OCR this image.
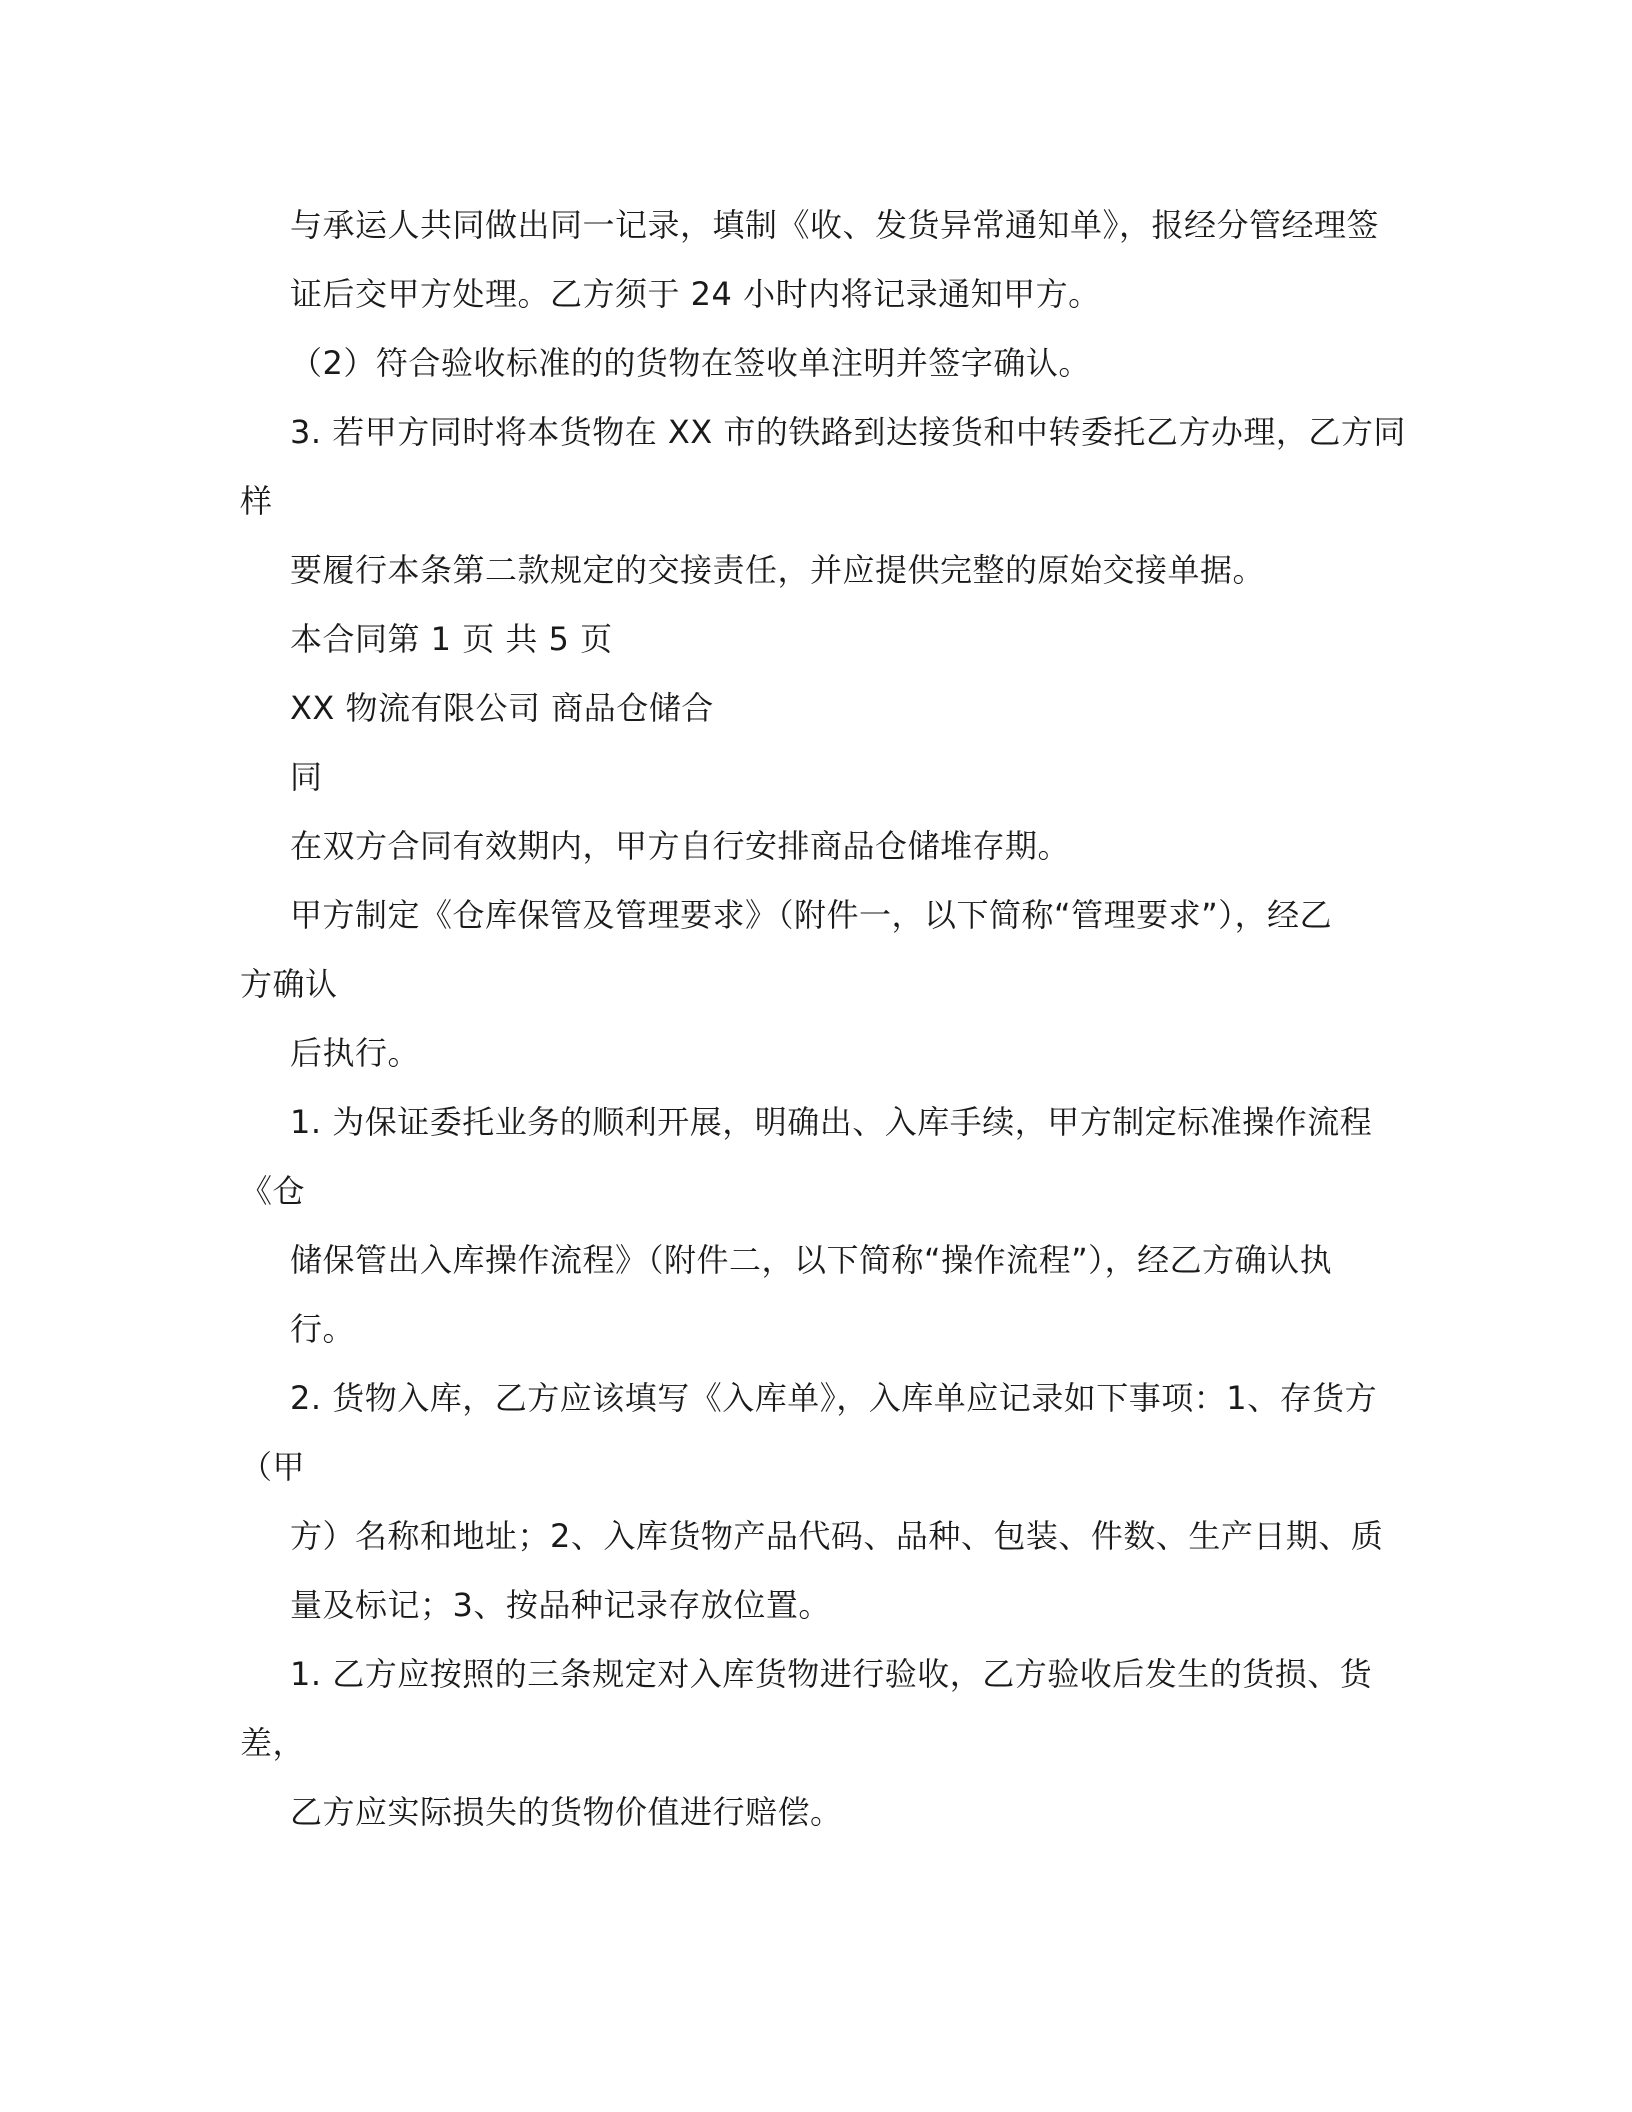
与承运人共同做出同一记录，填制《收、发货异常通知单》，报经分管经理签
证后交甲方处理。乙方须于 24 小时内将记录通知甲方。
（2）符合验收标准的的货物在签收单注明并签字确认。
3. 若甲方同时将本货物在 XX 市的铁路到达接货和中转委托乙方办理，乙方同
样
要履行本条第二款规定的交接责任，并应提供完整的原始交接单据。
本合同第 1 页 共 5 页
XX 物流有限公司 商品仓储合
同
在双方合同有效期内，甲方自行安排商品仓储堆存期。
甲方制定《仓库保管及管理要求》（附件一，以下简称“管理要求”），经乙
方确认
后执行。
1. 为保证委托业务的顺利开展，明确出、入库手续，甲方制定标准操作流程
《仓
储保管出入库操作流程》（附件二，以下简称“操作流程”），经乙方确认执
行。
2. 货物入库，乙方应该填写《入库单》，入库单应记录如下事项：1、存货方
（甲
方）名称和地址；2、入库货物产品代码、品种、包装、件数、生产日期、质
量及标记；3、按品种记录存放位置。
1. 乙方应按照的三条规定对入库货物进行验收，乙方验收后发生的货损、货
差，
乙方应实际损失的货物价值进行赔偿。
